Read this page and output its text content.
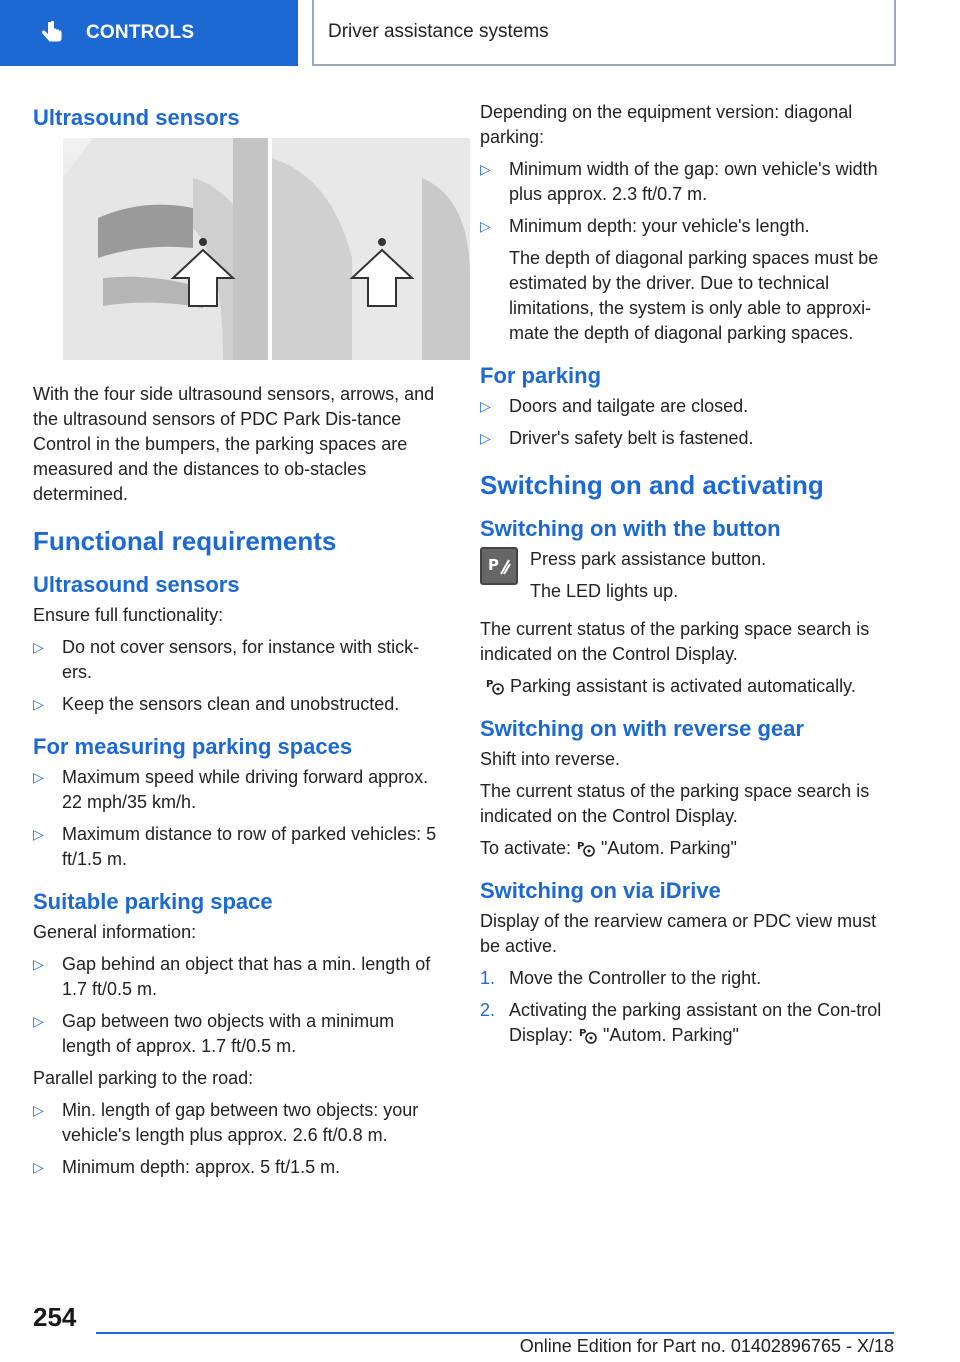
CONTROLS	Driver assistance systems
Ultrasound sensors

With the four side ultrasound sensors, arrows, and the ultrasound sensors of PDC Park Dis-tance Control in the bumpers, the parking spaces are measured and the distances to ob-stacles determined.

Functional requirements
Ultrasound sensors

Ensure full functionality:

▷ Do not cover sensors, for instance with stick-ers.
▷ Keep the sensors clean and unobstructed.
For measuring parking spaces
▷ Maximum speed while driving forward approx. 22 mph/35 km/h.
▷ Maximum distance to row of parked vehicles: 5 ft/1.5 m.
Suitable parking space

General information:

▷ Gap behind an object that has a min. length of 1.7 ft/0.5 m.
▷ Gap between two objects with a minimum length of approx. 1.7 ft/0.5 m.

Parallel parking to the road:

▷ Min. length of gap between two objects: your vehicle's length plus approx. 2.6 ft/0.8 m.
▷ Minimum depth: approx. 5 ft/1.5 m.

Depending on the equipment version: diagonal parking:

▷ Minimum width of the gap: own vehicle's width plus approx. 2.3 ft/0.7 m.
▷ Minimum depth: your vehicle's length.

The depth of diagonal parking spaces must be estimated by the driver. Due to technical limitations, the system is only able to approxi-mate the depth of diagonal parking spaces.

For parking
▷ Doors and tailgate are closed.
▷ Driver's safety belt is fastened.
Switching on and activating
Switching on with the button
P Press park assistance button.

The LED lights up.

The current status of the parking space search is indicated on the Control Display.

P Parking assistant is activated automatically.

Switching on with reverse gear

Shift into reverse.

The current status of the parking space search is indicated on the Control Display.

To activate: P "Autom. Parking"

Switching on via iDrive

Display of the rearview camera or PDC view must be active.

1. Move the Controller to the right.
2. Activating the parking assistant on the Con-trol Display: P "Autom. Parking"
254
Online Edition for Part no. 01402896765 - X/18
